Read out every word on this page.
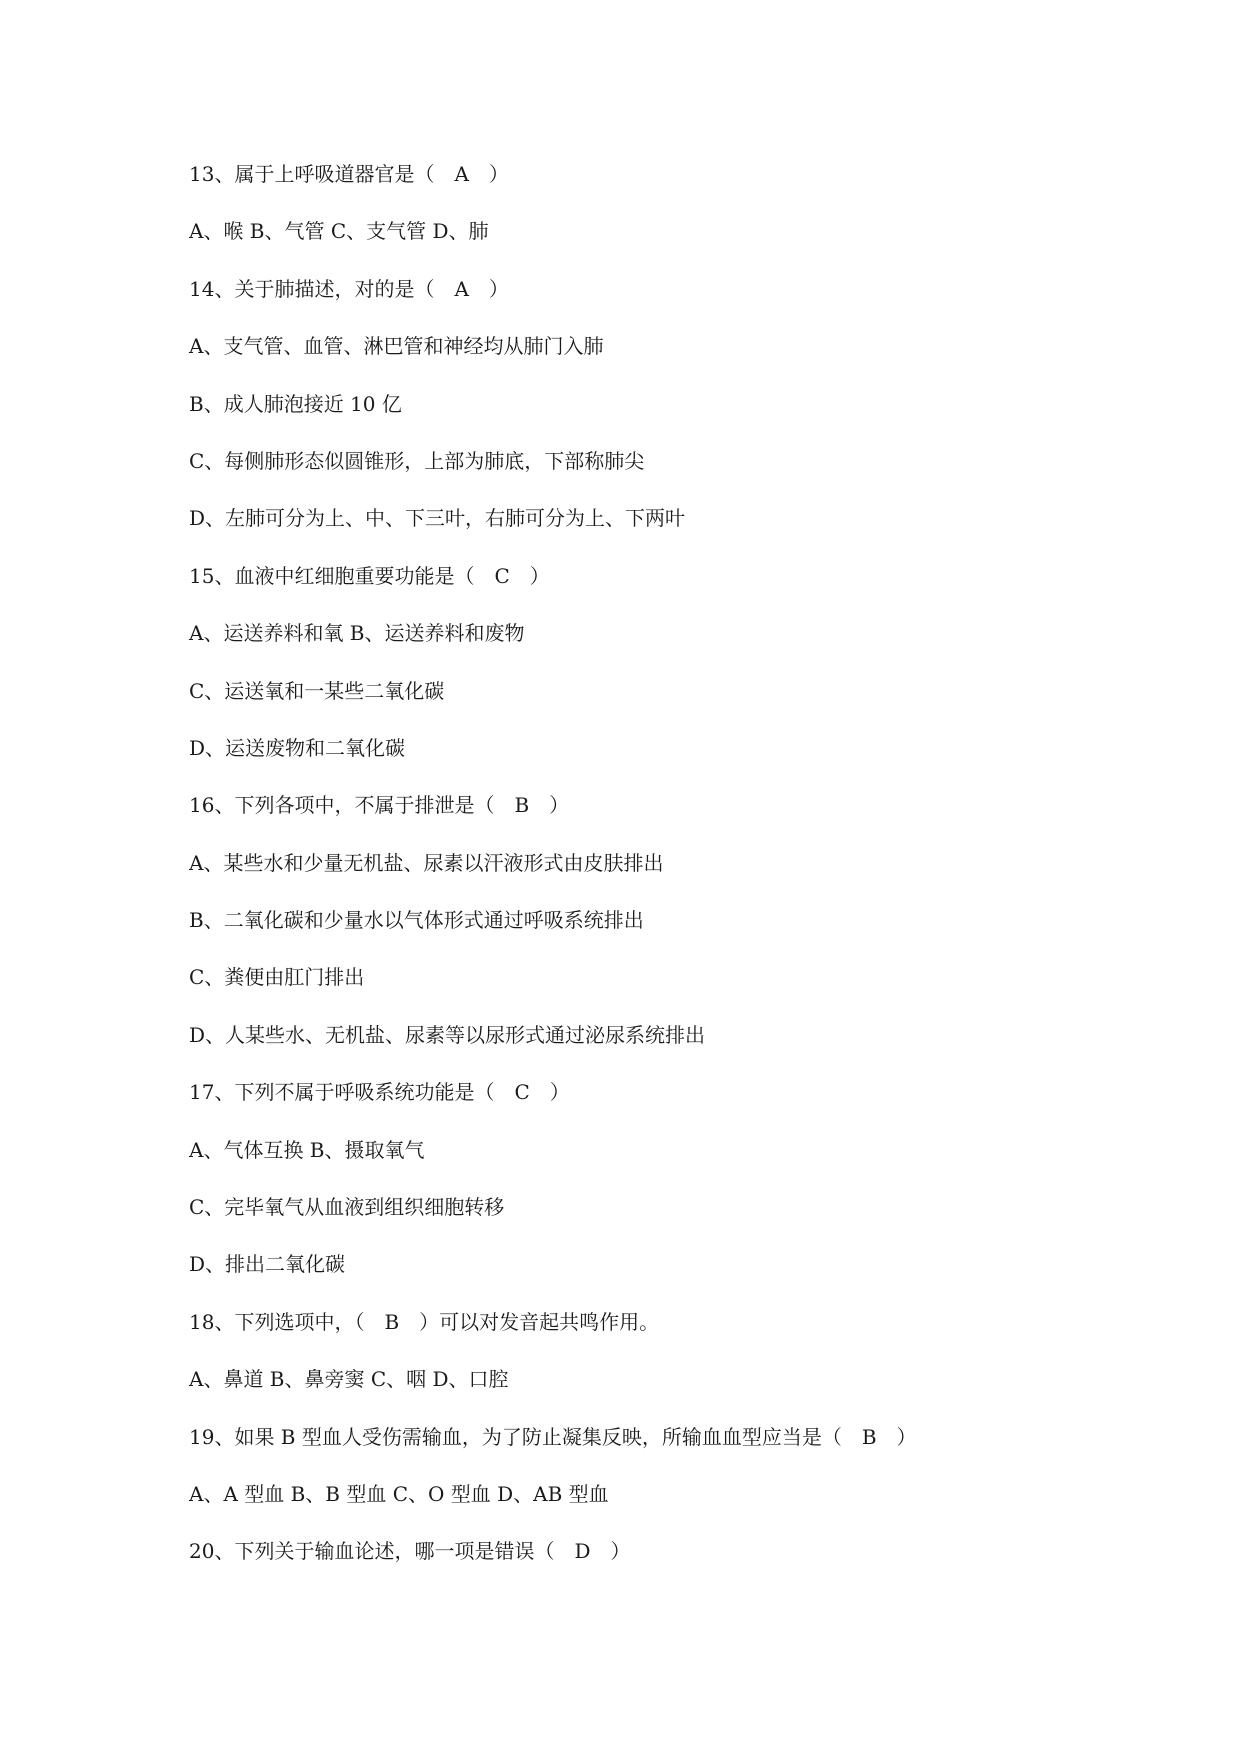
13、属于上呼吸道器官是（　A　）
A、喉 B、气管 C、支气管 D、肺
14、关于肺描述，对的是（　A　）
A、支气管、血管、淋巴管和神经均从肺门入肺
B、成人肺泡接近 10 亿
C、每侧肺形态似圆锥形，上部为肺底，下部称肺尖
D、左肺可分为上、中、下三叶，右肺可分为上、下两叶
15、血液中红细胞重要功能是（　C　）
A、运送养料和氧 B、运送养料和废物
C、运送氧和一某些二氧化碳
D、运送废物和二氧化碳
16、下列各项中，不属于排泄是（　B　）
A、某些水和少量无机盐、尿素以汗液形式由皮肤排出
B、二氧化碳和少量水以气体形式通过呼吸系统排出
C、粪便由肛门排出
D、人某些水、无机盐、尿素等以尿形式通过泌尿系统排出
17、下列不属于呼吸系统功能是（　C　）
A、气体互换 B、摄取氧气
C、完毕氧气从血液到组织细胞转移
D、排出二氧化碳
18、下列选项中，（　B　）可以对发音起共鸣作用。
A、鼻道 B、鼻旁窦 C、咽 D、口腔
19、如果 B 型血人受伤需输血，为了防止凝集反映，所输血血型应当是（　B　）
A、A 型血 B、B 型血 C、O 型血 D、AB 型血
20、下列关于输血论述，哪一项是错误（　D　）
